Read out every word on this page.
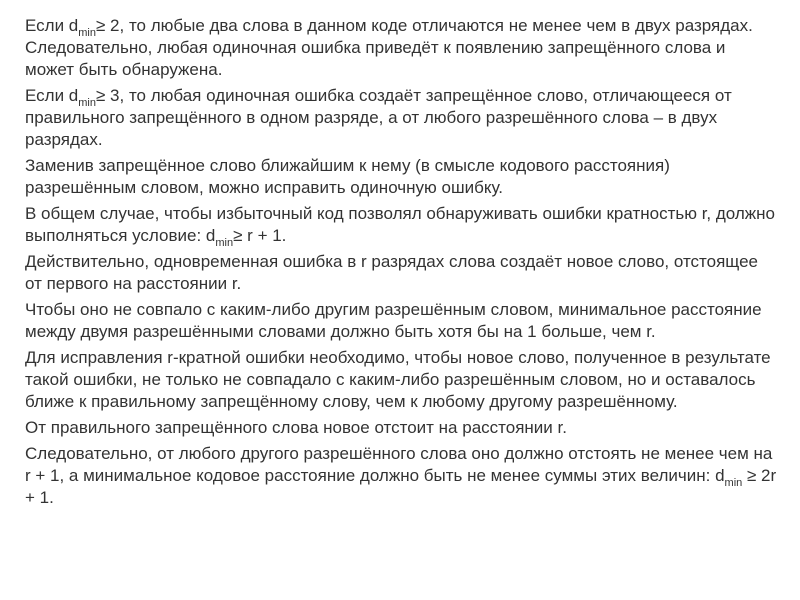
Если $d_{min}\ge 2$, то любые два слова в данном коде отличаются не менее чем в двух разрядах. Следовательно, любая одиночная ошибка приведёт к появлению запрещённого слова и может быть обнаружена.

Если $d_{min}\ge 3$, то любая одиночная ошибка создаёт запрещённое слово, отличающееся от правильного запрещённого в одном разряде, а от любого разрешённого слова – в двух разрядах.

Заменив запрещённое слово ближайшим к нему (в смысле кодового расстояния) разрешённым словом, можно исправить одиночную ошибку.

В общем случае, чтобы избыточный код позволял обнаруживать ошибки кратностью r, должно выполняться условие: $d_{min}\ge r + 1$.

Действительно, одновременная ошибка в r разрядах слова создаёт новое слово, отстоящее от первого на расстоянии r.

Чтобы оно не совпало с каким-либо другим разрешённым словом, минимальное расстояние между двумя разрешёнными словами должно быть хотя бы на 1 больше, чем r.

Для исправления r-кратной ошибки необходимо, чтобы новое слово, полученное в результате такой ошибки, не только не совпадало с каким-либо разрешённым словом, но и оставалось ближе к правильному запрещённому слову, чем к любому другому разрешённому.

От правильного запрещённого слова новое отстоит на расстоянии r.

Следовательно, от любого другого разрешённого слова оно должно отстоять не менее чем на r + 1, а минимальное кодовое расстояние должно быть не менее суммы этих величин: $d_{min} \ge 2r + 1$.
